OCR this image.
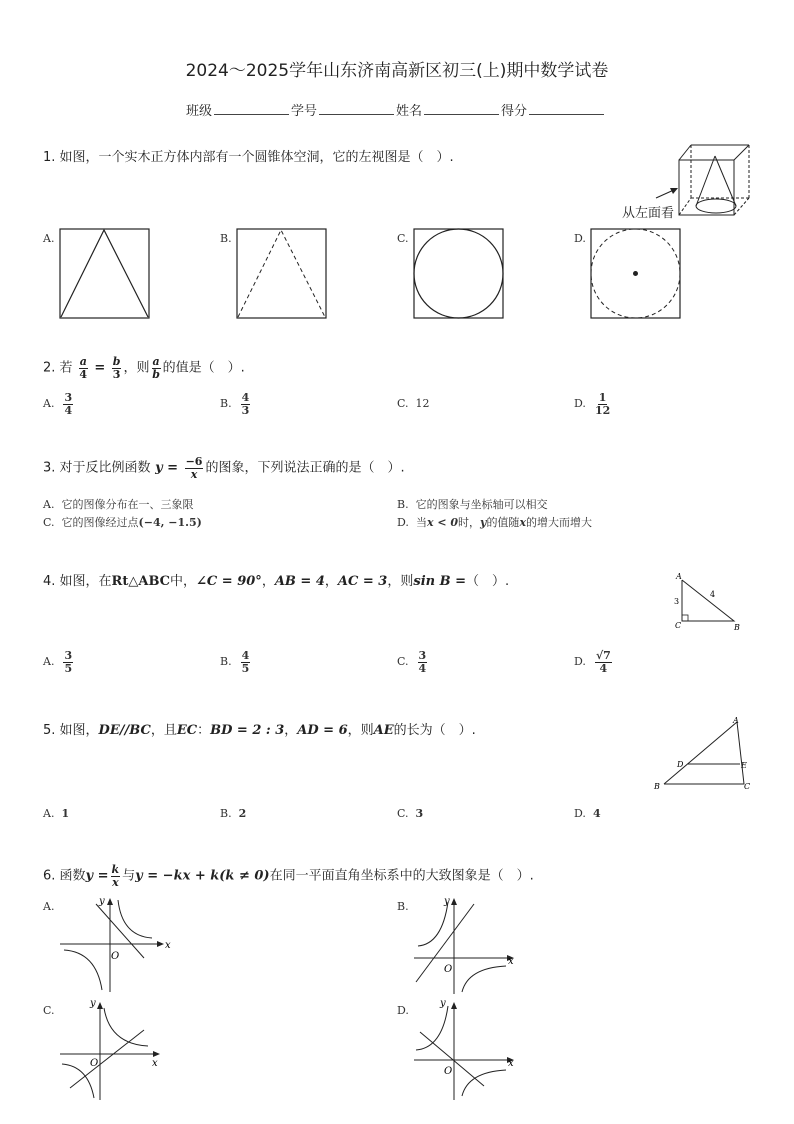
2024～2025学年山东济南高新区初三(上)期中数学试卷
班级	学号	姓名	得分
1. 如图，一个实木正方体内部有一个圆锥体空洞，它的左视图是（　）.
从左面看
A.	B.	C.	D.
2. 若 $\frac{a}{4} = \frac{b}{3}$ ，则 $\frac{a}{b}$ 的值是（　）.
A. $\frac{3}{4}$	B. $\frac{4}{3}$	C. 12	D. $\frac{1}{12}$
3. 对于反比例函数 $y = \frac{-6}{x}$ 的图象，下列说法正确的是（　）.
A. 它的图像分布在一、三象限	B. 它的图象与坐标轴可以相交
C. 它的图像经过点(−4, −1.5)	D. 当x < 0时，y的值随x的增大而增大
4. 如图，在Rt△ABC中，∠C = 90°，AB = 4，AC = 3，则sin B =（　）.	A
B
C
3
4
A. $\frac{3}{5}$	B. $\frac{4}{5}$	C. $\frac{3}{4}$	D. $\frac{√7}{4}$
5. 如图，DE//BC，且EC：BD = 2 : 3，AD = 6，则AE的长为（　）.
A
B	C
D	E
A. 1	B. 2	C. 3	D. 4
6. 函数$y = \frac{k}{x}$ 与y = −kx + k(k ≠ 0)在同一平面直角坐标系中的大致图象是（　）.
A.
x
y
O
B.
x
y
O
C.
x
y
O
D.
x
y
O
